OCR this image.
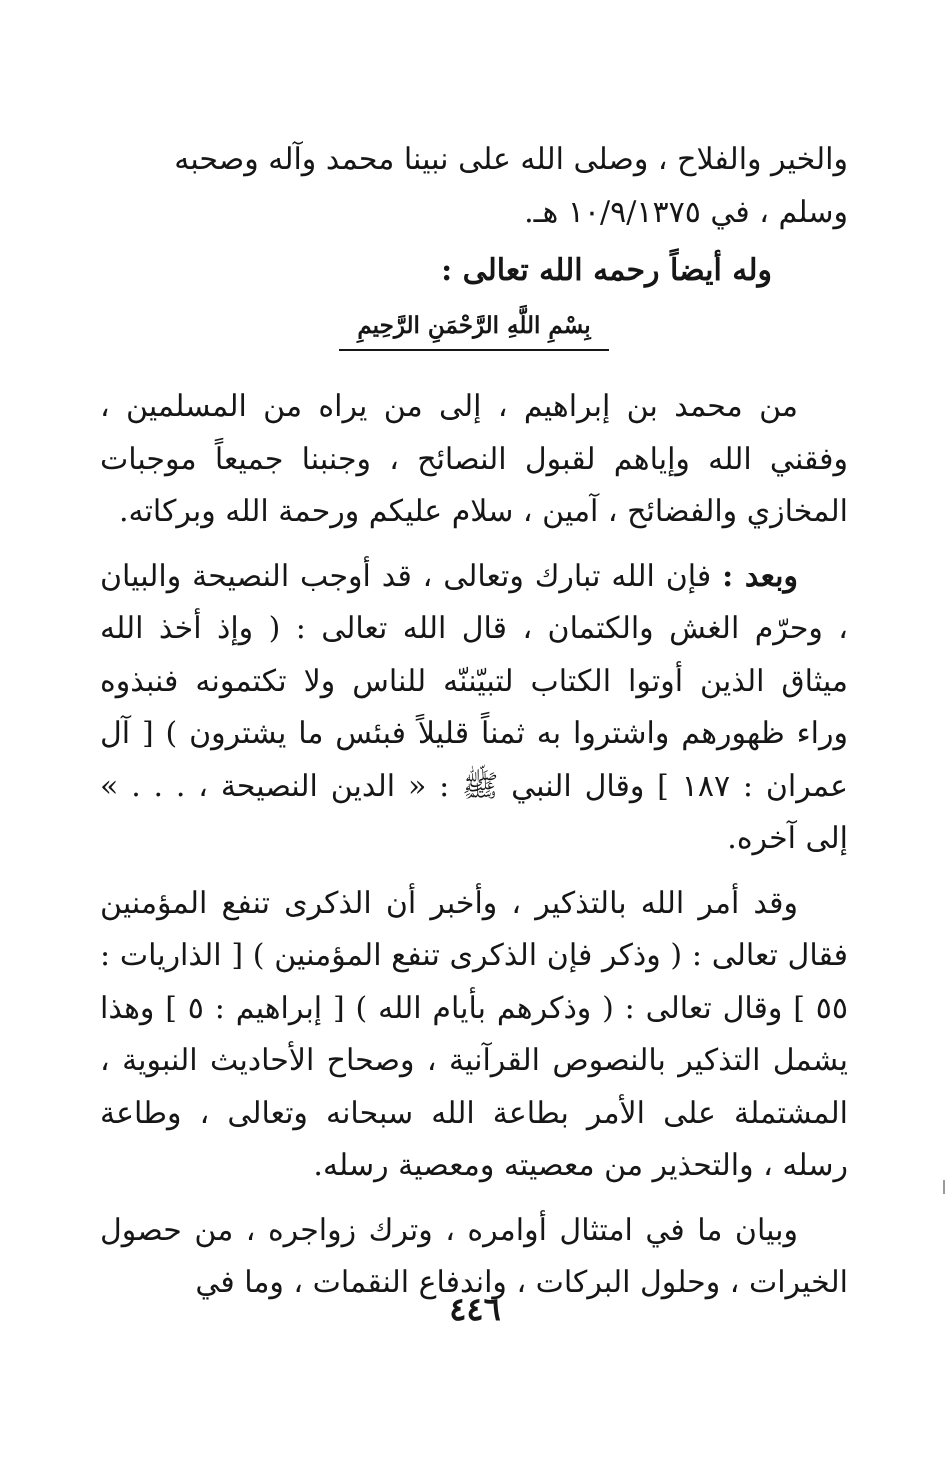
والخير والفلاح ، وصلى الله على نبينا محمد وآله وصحبه

وسلم ، في ١٠/٩/١٣٧٥ هـ.

وله أيضاً رحمه الله تعالى :

بِسْمِ اللَّهِ الرَّحْمَنِ الرَّحِيمِ

من محمد بن إبراهيم ، إلى من يراه من المسلمين ، وفقني الله وإياهم لقبول النصائح ، وجنبنا جميعاً موجبات المخازي والفضائح ، آمين ، سلام عليكم ورحمة الله وبركاته.

وبعد : فإن الله تبارك وتعالى ، قد أوجب النصيحة والبيان ، وحرّم الغش والكتمان ، قال الله تعالى : ( وإذ أخذ الله ميثاق الذين أوتوا الكتاب لتبيّننّه للناس ولا تكتمونه فنبذوه وراء ظهورهم واشتروا به ثمناً قليلاً فبئس ما يشترون ) [ آل عمران : ١٨٧ ] وقال النبي ﷺ : « الدين النصيحة ، . . . » إلى آخره.

وقد أمر الله بالتذكير ، وأخبر أن الذكرى تنفع المؤمنين فقال تعالى : ( وذكر فإن الذكرى تنفع المؤمنين ) [ الذاريات : ٥٥ ] وقال تعالى : ( وذكرهم بأيام الله ) [ إبراهيم : ٥ ] وهذا يشمل التذكير بالنصوص القرآنية ، وصحاح الأحاديث النبوية ، المشتملة على الأمر بطاعة الله سبحانه وتعالى ، وطاعة رسله ، والتحذير من معصيته ومعصية رسله.

وبيان ما في امتثال أوامره ، وترك زواجره ، من حصول الخيرات ، وحلول البركات ، واندفاع النقمات ، وما في

٤٤٦
